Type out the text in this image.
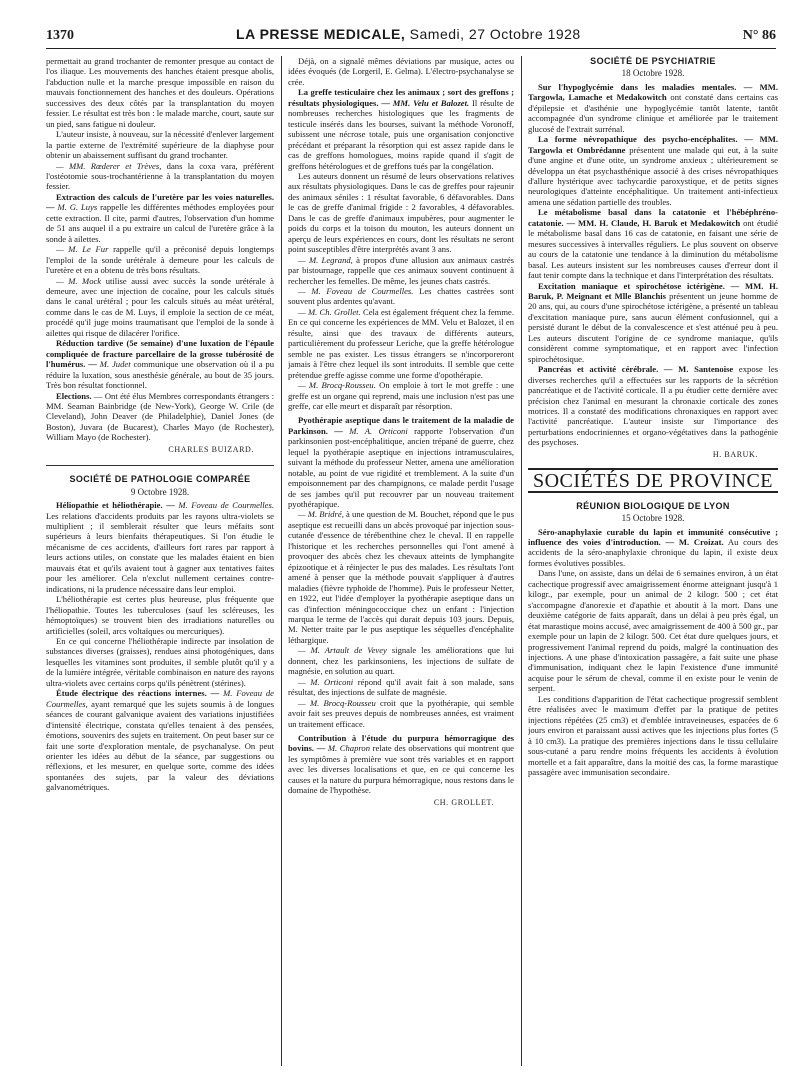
1370	LA PRESSE MEDICALE, Samedi, 27 Octobre 1928	N° 86

permettait au grand trochanter de remonter presque au contact de l'os iliaque. Les mouvements des hanches étaient presque abolis, l'abduction nulle et la marche presque impossible en raison du mauvais fonctionnement des hanches et des douleurs. Opérations successives des deux côtés par la transplantation du moyen fessier. Le résultat est très bon : le malade marche, court, saute sur un pied, sans fatigue ni douleur.

L'auteur insiste, à nouveau, sur la nécessité d'enlever largement la partie externe de l'extrémité supérieure de la diaphyse pour obtenir un abaissement suffisant du grand trochanter.

— MM. Rœderer et Trèves, dans la coxa vara, préfèrent l'ostéotomie sous-trochantérienne à la transplantation du moyen fessier.

Extraction des calculs de l'uretère par les voies naturelles. — M. G. Luys rappelle les différentes méthodes employées pour cette extraction. Il cite, parmi d'autres, l'observation d'un homme de 51 ans auquel il a pu extraire un calcul de l'uretère grâce à la sonde à ailettes.

— M. Le Fur rappelle qu'il a préconisé depuis longtemps l'emploi de la sonde urétérale à demeure pour les calculs de l'uretère et en a obtenu de très bons résultats.

— M. Mock utilise aussi avec succès la sonde urétérale à demeure, avec une injection de cocaïne, pour les calculs situés dans le canal urétéral ; pour les calculs situés au méat urétéral, comme dans le cas de M. Luys, il emploie la section de ce méat, procédé qu'il juge moins traumatisant que l'emploi de la sonde à ailettes qui risque de dilacérer l'orifice.

Réduction tardive (5e semaine) d'une luxation de l'épaule compliquée de fracture parcellaire de la grosse tubérosité de l'humérus. — M. Judet communique une observation où il a pu réduire la luxation, sous anesthésie générale, au bout de 35 jours. Très bon résultat fonctionnel.

Elections. — Ont été élus Membres correspondants étrangers : MM. Seaman Bainbridge (de New-York), George W. Crile (de Cleveland), John Deaver (de Philadelphie), Daniel Jones (de Boston), Juvara (de Bucarest), Charles Mayo (de Rochester), William Mayo (de Rochester).

CHARLES BUIZARD.
SOCIÉTÉ DE PATHOLOGIE COMPARÉE
9 Octobre 1928.

Héliopathie et héliothérapie. — M. Foveau de Courmelles. Les relations d'accidents produits par les rayons ultra-violets se multiplient ; il semblerait résulter que leurs méfaits sont supérieurs à leurs bienfaits thérapeutiques. Si l'on étudie le mécanisme de ces accidents, d'ailleurs fort rares par rapport à leurs actions utiles, on constate que les malades étaient en bien mauvais état et qu'ils avaient tout à gagner aux tentatives faites pour les améliorer. Cela n'exclut nullement certaines contre-indications, ni la prudence nécessaire dans leur emploi.

L'héliothérapie est certes plus heureuse, plus fréquente que l'héliopathie. Toutes les tuberculoses (sauf les scléreuses, les hémoptoïques) se trouvent bien des irradiations naturelles ou artificielles (soleil, arcs voltaïques ou mercuriques).

En ce qui concerne l'héliothérapie indirecte par insolation de substances diverses (graisses), rendues ainsi photogéniques, dans lesquelles les vitamines sont produites, il semble plutôt qu'il y a de la lumière intégrée, véritable combinaison en nature des rayons ultra-violets avec certains corps qu'ils pénètrent (stérines).

Étude électrique des réactions internes. — M. Foveau de Courmelles, ayant remarqué que les sujets soumis à de longues séances de courant galvanique avaient des variations injustifiées d'intensité électrique, constata qu'elles tenaient à des pensées, émotions, souvenirs des sujets en traitement. On peut baser sur ce fait une sorte d'exploration mentale, de psychanalyse. On peut orienter les idées au début de la séance, par suggestions ou réflexions, et les mesurer, en quelque sorte, comme des idées spontanées des sujets, par la valeur des déviations galvanométriques.

Déjà, on a signalé mêmes déviations par musique, actes ou idées évoqués (de Lorgeril, E. Gelma). L'électro-psychanalyse se crée.

La greffe testiculaire chez les animaux ; sort des greffons ; résultats physiologiques. — MM. Velu et Balozet. Il résulte de nombreuses recherches histologiques que les fragments de testicule insérés dans les bourses, suivant la méthode Voronoff, subissent une nécrose totale, puis une organisation conjonctive précédant et préparant la résorption qui est assez rapide dans le cas de greffons homologues, moins rapide quand il s'agit de greffons hétérologues et de greffons tués par la congélation.

Les auteurs donnent un résumé de leurs observations relatives aux résultats physiologiques. Dans le cas de greffes pour rajeunir des animaux séniles : 1 résultat favorable, 6 défavorables. Dans le cas de greffe d'animal frigide : 2 favorables, 4 défavorables. Dans le cas de greffe d'animaux impubères, pour augmenter le poids du corps et la toison du mouton, les auteurs donnent un aperçu de leurs expériences en cours, dont les résultats ne seront point susceptibles d'être interprétés avant 3 ans.

— M. Legrand, à propos d'une allusion aux animaux castrés par bistournage, rappelle que ces animaux souvent continuent à rechercher les femelles. De même, les jeunes chats castrés.

— M. Foveau de Courmelles. Les chattes castrées sont souvent plus ardentes qu'avant.

— M. Ch. Grollet. Cela est également fréquent chez la femme. En ce qui concerne les expériences de MM. Velu et Balozet, il en résulte, ainsi que des travaux de différents auteurs, particulièrement du professeur Leriche, que la greffe hétérologue semble ne pas exister. Les tissus étrangers se n'incorporeront jamais à l'être chez lequel ils sont introduits. Il semble que cette prétendue greffe agisse comme une forme d'opothérapie.

— M. Brocq-Rousseu. On emploie à tort le mot greffe : une greffe est un organe qui reprend, mais une inclusion n'est pas une greffe, car elle meurt et disparaît par résorption.

Pyothérapie aseptique dans le traitement de la maladie de Parkinson. — M. A. Orticoni rapporte l'observation d'un parkinsonien post-encéphalitique, ancien trépané de guerre, chez lequel la pyothérapie aseptique en injections intramusculaires, suivant la méthode du professeur Netter, amena une amélioration notable, au point de vue rigidité et tremblement. A la suite d'un empoisonnement par des champignons, ce malade perdit l'usage de ses jambes qu'il put recouvrer par un nouveau traitement pyothérapique.

— M. Bridré, à une question de M. Bouchet, répond que le pus aseptique est recueilli dans un abcès provoqué par injection sous-cutanée d'essence de térébenthine chez le cheval. Il en rappelle l'historique et les recherches personnelles qui l'ont amené à provoquer des abcès chez les chevaux atteints de lymphangite épizootique et à réinjecter le pus des malades. Les résultats l'ont amené à penser que la méthode pouvait s'appliquer à d'autres maladies (fièvre typhoïde de l'homme). Puis le professeur Netter, en 1922, eut l'idée d'employer la pyothérapie aseptique dans un cas d'infection méningococcique chez un enfant : l'injection marqua le terme de l'accès qui durait depuis 103 jours. Depuis, M. Netter traite par le pus aseptique les séquelles d'encéphalite léthargique.

— M. Artault de Vevey signale les améliorations que lui donnent, chez les parkinsoniens, les injections de sulfate de magnésie, en solution au quart.

— M. Orticoni répond qu'il avait fait à son malade, sans résultat, des injections de sulfate de magnésie.

— M. Brocq-Rousseu croit que la pyothérapie, qui semble avoir fait ses preuves depuis de nombreuses années, est vraiment un traitement efficace.

Contribution à l'étude du purpura hémorragique des bovins. — M. Chapron relate des observations qui montrent que les symptômes à première vue sont très variables et en rapport avec les diverses localisations et que, en ce qui concerne les causes et la nature du purpura hémorragique, nous restons dans le domaine de l'hypothèse.

CH. GROLLET.
SOCIÉTÉ DE PSYCHIATRIE
18 Octobre 1928.

Sur l'hypoglycémie dans les maladies mentales. — MM. Targowla, Lamache et Medakowitch ont constaté dans certains cas d'épilepsie et d'asthénie une hypoglycémie tantôt latente, tantôt accompagnée d'un syndrome clinique et améliorée par le traitement glucosé de l'extrait surrénal.

La forme névropathique des psycho-encéphalites. — MM. Targowla et Ombrédanne présentent une malade qui eut, à la suite d'une angine et d'une otite, un syndrome anxieux ; ultérieurement se développa un état psychasthénique associé à des crises névropathiques d'allure hystérique avec tachycardie paroxystique, et de petits signes neurologiques d'atteinte encéphalitique. Un traitement anti-infectieux amena une sédation partielle des troubles.

Le métabolisme basal dans la catatonie et l'hébéphréno-catatonie. — MM. H. Claude, H. Baruk et Medakowitch ont étudié le métabolisme basal dans 16 cas de catatonie, en faisant une série de mesures successives à intervalles réguliers. Le plus souvent on observe au cours de la catatonie une tendance à la diminution du métabolisme basal. Les auteurs insistent sur les nombreuses causes d'erreur dont il faut tenir compte dans la technique et dans l'interprétation des résultats.

Excitation maniaque et spirochétose ictérigène. — MM. H. Baruk, P. Meignant et Mlle Blanchis présentent un jeune homme de 20 ans, qui, au cours d'une spirochétose ictérigène, a présenté un tableau d'excitation maniaque pure, sans aucun élément confusionnel, qui a persisté durant le début de la convalescence et s'est atténué peu à peu. Les auteurs discutent l'origine de ce syndrome maniaque, qu'ils considèrent comme symptomatique, et en rapport avec l'infection spirochétosique.

Pancréas et activité cérébrale. — M. Santenoise expose les diverses recherches qu'il a effectuées sur les rapports de la sécrétion pancréatique et de l'activité corticale. Il a pu étudier cette dernière avec précision chez l'animal en mesurant la chronaxie corticale des zones motrices. Il a constaté des modifications chronaxiques en rapport avec l'activité pancréatique. L'auteur insiste sur l'importance des perturbations endocriniennes et organo-végétatives dans la pathogénie des psychoses.

H. BARUK.
SOCIÉTÉS DE PROVINCE
RÉUNION BIOLOGIQUE DE LYON
15 Octobre 1928.

Séro-anaphylaxie curable du lapin et immunité consécutive ; influence des voies d'introduction. — M. Croizat. Au cours des accidents de la séro-anaphylaxie chronique du lapin, il existe deux formes évolutives possibles.

Dans l'une, on assiste, dans un délai de 6 semaines environ, à un état cachectique progressif avec amaigrissement énorme atteignant jusqu'à 1 kilogr., par exemple, pour un animal de 2 kilogr. 500 ; cet état s'accompagne d'anorexie et d'apathie et aboutit à la mort. Dans une deuxième catégorie de faits apparaît, dans un délai à peu près égal, un état marastique moins accusé, avec amaigrissement de 400 à 500 gr., par exemple pour un lapin de 2 kilogr. 500. Cet état dure quelques jours, et progressivement l'animal reprend du poids, malgré la continuation des injections. A une phase d'intoxication passagère, a fait suite une phase d'immunisation, indiquant chez le lapin l'existence d'une immunité acquise pour le sérum de cheval, comme il en existe pour le venin de serpent.

Les conditions d'apparition de l'état cachectique progressif semblent être réalisées avec le maximum d'effet par la pratique de petites injections répétées (25 cm3) et d'emblée intraveineuses, espacées de 6 jours environ et paraissant aussi actives que les injections plus fortes (5 à 10 cm3). La pratique des premières injections dans le tissu cellulaire sous-cutané a paru rendre moins fréquents les accidents à évolution mortelle et a fait apparaître, dans la moitié des cas, la forme marastique passagère avec immunisation secondaire.
